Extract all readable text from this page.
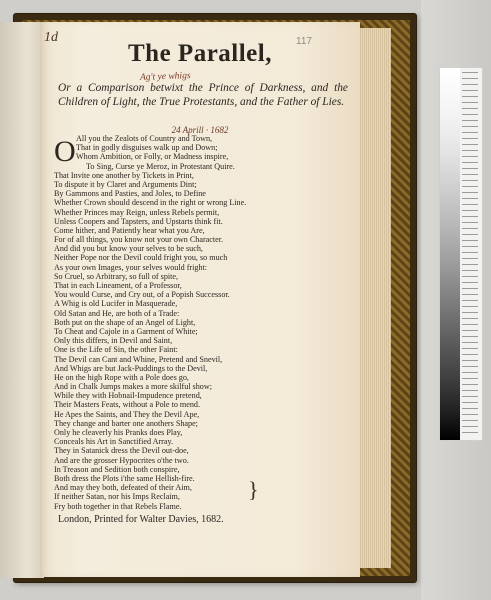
1d	117
The Parallel,
Ag't ye whigs
Or a Comparison betwixt the Prince of Darkness, and the Children of Light, the True Protestants, and the Father of Lies.
24 Aprill · 1682
O All you the Zealots of Country and Town,
That in godly disguises walk up and Down;
Whom Ambition, or Folly, or Madness inspire,
To Sing, Curse ye Meroz, in Protestant Quire.
That Invite one another by Tickets in Print,
To dispute it by Claret and Arguments Dint;
By Gammons and Pasties, and Joles, to Define
Whether Crown should descend in the right or wrong Line.
Whether Princes may Reign, unless Rebels permit,
Unless Coopers and Tapsters, and Upstarts think fit.
Come hither, and Patiently hear what you Are,
For of all things, you know not your own Character.
And did you but know your selves to be such,
Neither Pope nor the Devil could fright you, so much
As your own Images, your selves would fright:
So Cruel, so Arbitrary, so full of spite,
That in each Lineament, of a Professor,
You would Curse, and Cry out, of a Popish Successor.
A Whig is old Lucifer in Masquerade,
Old Satan and He, are both of a Trade:
Both put on the shape of an Angel of Light,
To Cheat and Cajole in a Garment of White;
Only this differs, in Devil and Saint,
One is the Life of Sin, the other Faint:
The Devil can Cant and Whine, Pretend and Snevil,
And Whigs are but Jack-Puddings to the Devil,
He on the high Rope with a Pole does go,
And in Chalk Jumps makes a more skilful show;
While they with Hobnail-Impudence pretend,
Their Masters Feats, without a Pole to mend.
He Apes the Saints, and They the Devil Ape,
They change and barter one anothers Shape;
Only he cleaverly his Pranks does Play,
Conceals his Art in Sanctified Array.
They in Satanick dress the Devil out-doe,
And are the grosser Hypocrites o'the two.
In Treason and Sedition both conspire,
Both dress the Plots i'the same Hellish-fire.
And may they both, defeated of their Aim,
If neither Satan, nor his Imps Reclaim,
Fry both together in that Rebels Flame.
}
London, Printed for Walter Davies, 1682.
